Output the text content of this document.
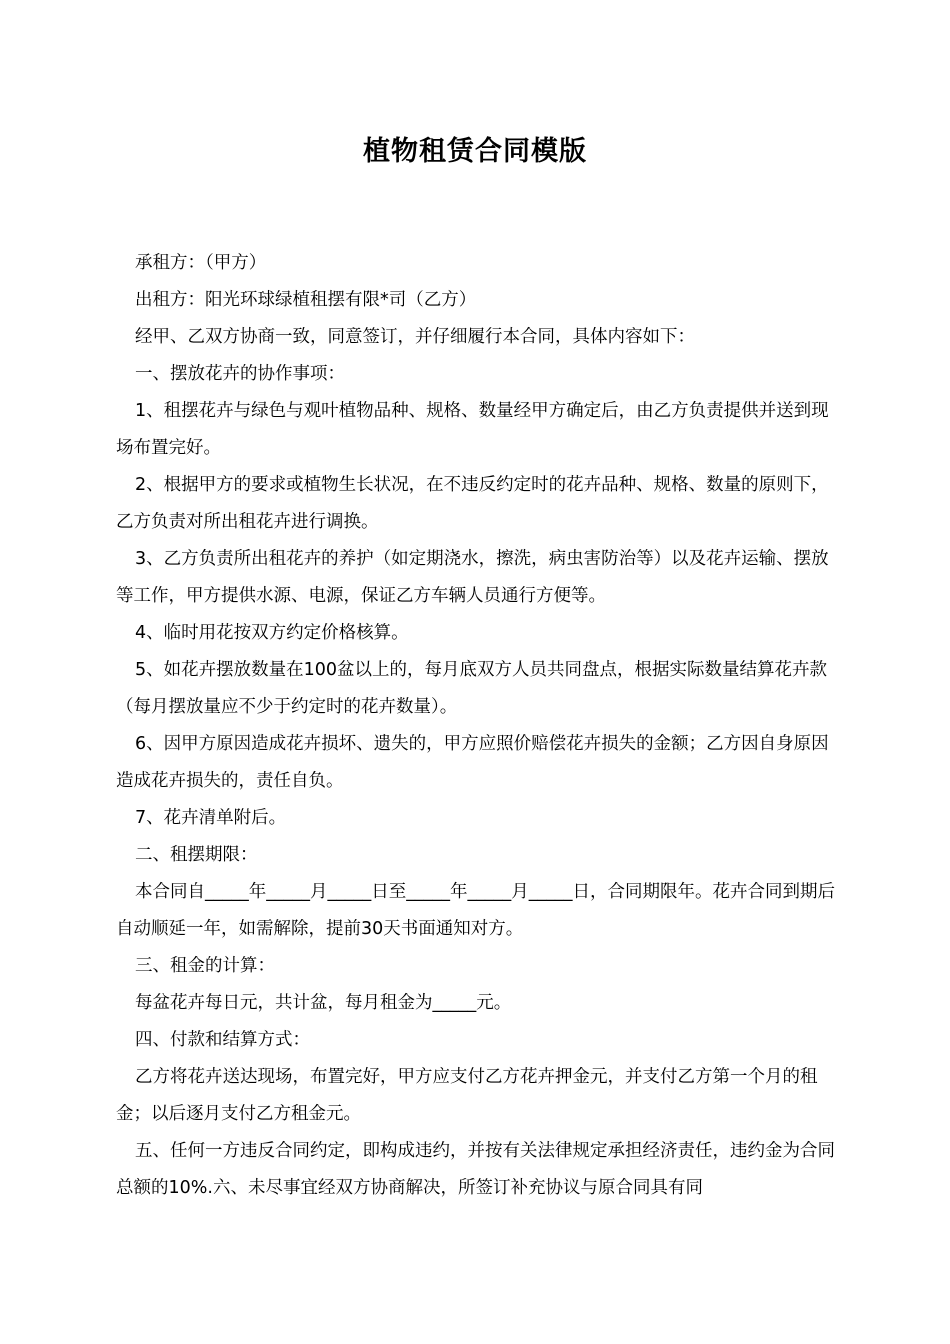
植物租赁合同模版

承租方：（甲方）

出租方：阳光环球绿植租摆有限*司（乙方）

经甲、乙双方协商一致，同意签订，并仔细履行本合同，具体内容如下：

一、摆放花卉的协作事项：

1、租摆花卉与绿色与观叶植物品种、规格、数量经甲方确定后，由乙方负责提供并送到现场布置完好。

2、根据甲方的要求或植物生长状况，在不违反约定时的花卉品种、规格、数量的原则下，乙方负责对所出租花卉进行调换。

3、乙方负责所出租花卉的养护（如定期浇水，擦洗，病虫害防治等）以及花卉运输、摆放等工作，甲方提供水源、电源，保证乙方车辆人员通行方便等。

4、临时用花按双方约定价格核算。

5、如花卉摆放数量在100盆以上的，每月底双方人员共同盘点，根据实际数量结算花卉款（每月摆放量应不少于约定时的花卉数量）。

6、因甲方原因造成花卉损坏、遗失的，甲方应照价赔偿花卉损失的金额；乙方因自身原因造成花卉损失的，责任自负。

7、花卉清单附后。

二、租摆期限：

本合同自_____年_____月_____日至_____年_____月_____日，合同期限年。花卉合同到期后自动顺延一年，如需解除，提前30天书面通知对方。

三、租金的计算：

每盆花卉每日元，共计盆，每月租金为_____元。

四、付款和结算方式：

乙方将花卉送达现场，布置完好，甲方应支付乙方花卉押金元，并支付乙方第一个月的租金；以后逐月支付乙方租金元。

五、任何一方违反合同约定，即构成违约，并按有关法律规定承担经济责任，违约金为合同总额的10%.六、未尽事宜经双方协商解决，所签订补充协议与原合同具有同
